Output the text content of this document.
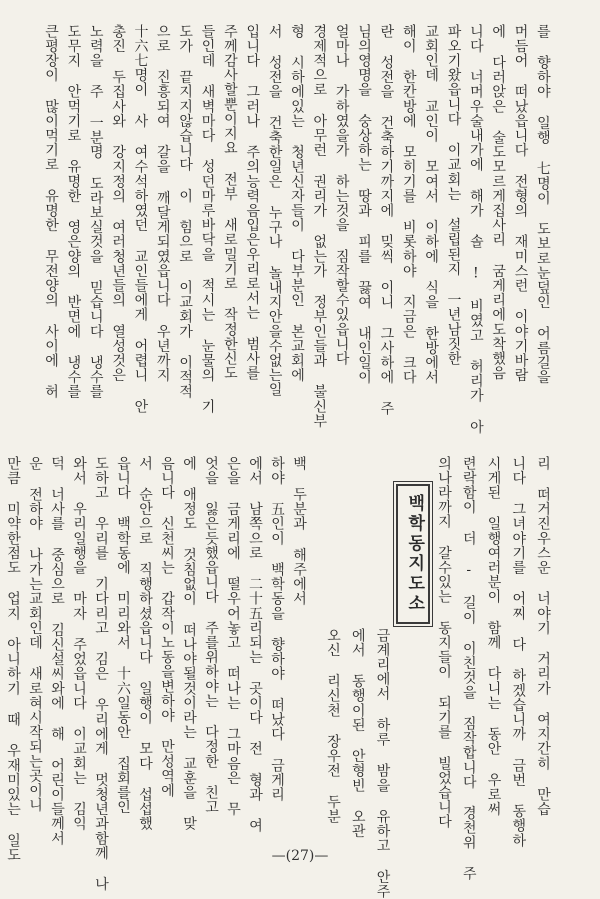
를 향하야 일행 七명이 도보로눈덮인 어름길을
머듬어 떠났읍니다 전형의 재미스런 이야기바람
에 다러앉은 술도모르게집사리 굼게리에도착했음
니다 너머우술내가에 해가 솔 ! 비였고 허리가 아
파오기왔읍니다 이교회는 설립된지 一년남짓한
교회인데 교인이 모여서 이하에 식을 한방에서
해이 한칸방에 모히기를 비롯하야 지금은 크다
란 성전을 건축하기까지에 밎씩 이니 그사하에 주
님의영명을 숭상하는 땅과 피를 끓여 내인일이
얼마나 가하였을가 하는것을 짐작할수있읍니다
경제적으로 아무런 권리가 없는가 정부인들과 불신부
형 시하에있는 청년신자들이 다부분인 본교회에
서 성전을 건축한일은 누구나 놀내지안을수없는일
입니다 그러나 주의능력음입은우리로서는 범사를
주께감사할뿐이지요 전부 새로밀기로 작정한신도
들인데 새벽마다 성던마루바닥을 적시는 눈물의 기
도가 끝지지않습니다 이 힘으로 이교회가 이적적
으로 진흥되여 갈을 깨달게되였읍니다 우년까지
十六七명이 사 여수석하였던 교인들에게 어렵니 안
총진 두집사와 강지정의 여러청년들의 열성것은
노력을 주 一분명 도라보실것을 믿습니다 냉수를
도무지 안먹기로 유명한 영은양의 반면에 냉수를
큰평장이 많이먹기로 유명한 무전양의 사이에 허
리 떠거진우스운 너야기 거리가 여지간히 만습
니다 그녀야기를 어찌 다 하겠습니까 금번 동행하
시게된 일행여러분이 함께 다니는 동안 우로써
련락함이 더 - 길이 이친것을 짐작합니다 경천위 주
의나라까지 갈수있는 동지들이 되기를 빌었습니다
백학동지도소
금계리에서 하루 밤을 유하고 안주
에서 동행이된 안형빈 오관
오신 리신천 장우전 두분
백 두분과 해주에서
하야 五인이 백학동을 향하야 떠났다 금게리
에서 남쪽으로 二十五리되는 곳이다 전 형과 여
은을 금게리에 떨우어놓고 떠나는 그마음은 무
엇을 잃은듯했읍니다 주를위하야는 다정한 친고
에 애정도 것침없이 떠나야될것이라는 교훈을 맞
음니다 신천씨는 갑작이노동을변하야 만성역에
서 순안으로 직행하셨읍니다 일행이 모다 섭섭했
읍니다 백학동에 미리와서 十六일동안 집회를인
도하고 우리를 기다리고 김은 우리에게 멋청년과함께 나
와서 우리일행을 마자 주었읍니다 이교회는 김익
덕 너사를 중심으로 김신설씨와에 해 어린이들께서
운 전하야 나가는교회인데 새로혀시작되는곳이니
만큼 미약한점도 업지 아니하기 때 우재미있는 일도	—(27)—
